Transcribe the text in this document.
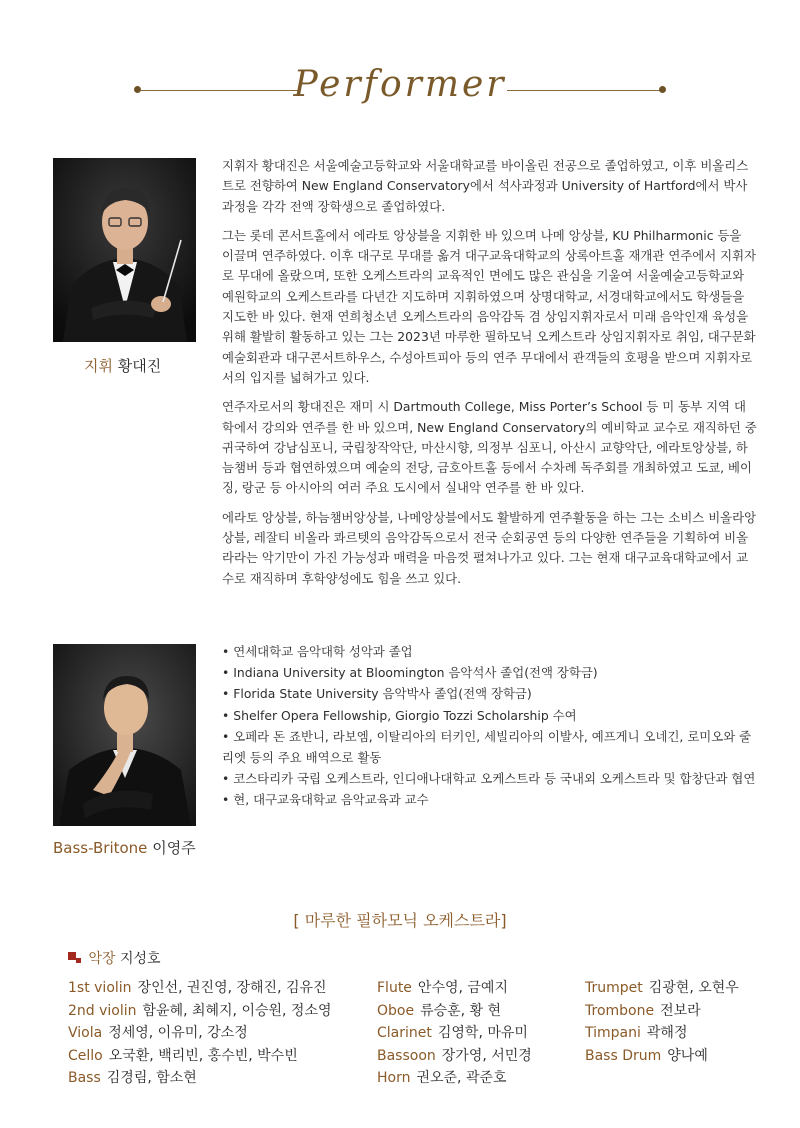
Performer
지휘 황대진

지휘자 황대진은 서울예술고등학교와 서울대학교를 바이올린 전공으로 졸업하였고, 이후 비올리스트로 전향하여 New England Conservatory에서 석사과정과 University of Hartford에서 박사과정을 각각 전액 장학생으로 졸업하였다.

그는 롯데 콘서트홀에서 에라토 앙상블을 지휘한 바 있으며 나메 앙상블, KU Philharmonic 등을 이끌며 연주하였다. 이후 대구로 무대를 옮겨 대구교육대학교의 상록아트홀 재개관 연주에서 지휘자로 무대에 올랐으며, 또한 오케스트라의 교육적인 면에도 많은 관심을 기울여 서울예술고등학교와 예원학교의 오케스트라를 다년간 지도하며 지휘하였으며 상명대학교, 서경대학교에서도 학생들을 지도한 바 있다. 현재 연희청소년 오케스트라의 음악감독 겸 상임지휘자로서 미래 음악인재 육성을 위해 활발히 활동하고 있는 그는 2023년 마루한 필하모닉 오케스트라 상임지휘자로 취임, 대구문화예술회관과 대구콘서트하우스, 수성아트피아 등의 연주 무대에서 관객들의 호평을 받으며 지휘자로서의 입지를 넓혀가고 있다.

연주자로서의 황대진은 재미 시 Dartmouth College, Miss Porter’s School 등 미 동부 지역 대학에서 강의와 연주를 한 바 있으며, New England Conservatory의 예비학교 교수로 재직하던 중 귀국하여 강남심포니, 국립창작악단, 마산시향, 의정부 심포니, 아산시 교향악단, 에라토앙상블, 하늠챔버 등과 협연하였으며 예술의 전당, 금호아트홀 등에서 수차례 독주회를 개최하였고 도쿄, 베이징, 랑군 등 아시아의 여러 주요 도시에서 실내악 연주를 한 바 있다.

에라토 앙상블, 하늠챔버앙상블, 나메앙상블에서도 활발하게 연주활동을 하는 그는 소비스 비올라앙상블, 레잘티 비올라 콰르텟의 음악감독으로서 전국 순회공연 등의 다양한 연주들을 기획하여 비올라라는 악기만이 가진 가능성과 매력을 마음껏 펼쳐나가고 있다. 그는 현재 대구교육대학교에서 교수로 재직하며 후학양성에도 힘을 쓰고 있다.

Bass-Britone 이영주
• 연세대학교 음악대학 성악과 졸업
• Indiana University at Bloomington 음악석사 졸업(전액 장학금)
• Florida State University 음악박사 졸업(전액 장학금)
• Shelfer Opera Fellowship, Giorgio Tozzi Scholarship 수여
• 오페라 돈 죠반니, 라보엠, 이탈리아의 터키인, 세빌리아의 이발사, 예프게니 오네긴, 로미오와 줄리엣 등의 주요 배역으로 활동
• 코스타리카 국립 오케스트라, 인디애나대학교 오케스트라 등 국내외 오케스트라 및 합창단과 협연
• 현, 대구교육대학교 음악교육과 교수
[ 마루한 필하모닉 오케스트라]
악장 지성호
1st violin 장인선, 권진영, 장해진, 김유진
2nd violin 함윤혜, 최혜지, 이승원, 정소영
Viola 정세영, 이유미, 강소정
Cello 오국환, 백리빈, 홍수빈, 박수빈
Bass 김경림, 함소현
Flute 안수영, 금예지
Oboe 류승훈, 황 현
Clarinet 김영학, 마유미
Bassoon 장가영, 서민경
Horn 권오준, 곽준호
Trumpet 김광현, 오현우
Trombone 전보라
Timpani 곽해정
Bass Drum 양나예
